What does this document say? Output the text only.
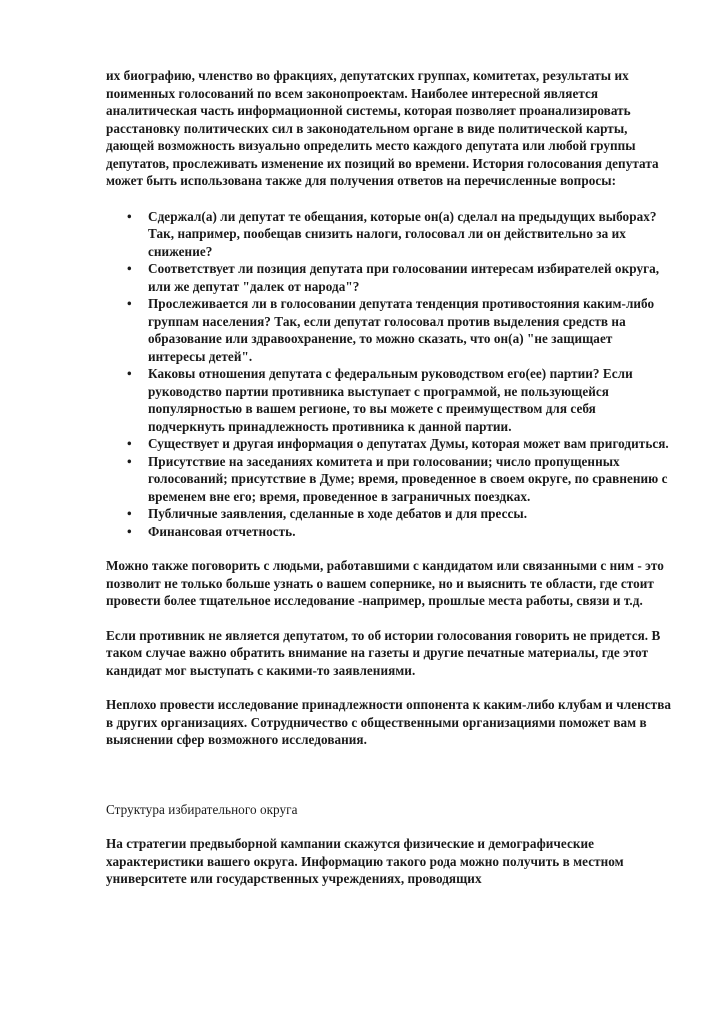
их биографию, членство во фракциях, депутатских группах, комитетах, результаты их поименных голосований по всем законопроектам. Наиболее интересной является аналитическая часть информационной системы, которая позволяет проанализировать расстановку политических сил в законодательном органе в виде политической карты, дающей возможность визуально определить место каждого депутата или любой группы депутатов, прослеживать изменение их позиций во времени. История голосования депутата может быть использована также для получения ответов на перечисленные вопросы:

• Сдержал(а) ли депутат те обещания, которые он(а) сделал на предыдущих выборах? Так, например, пообещав снизить налоги, голосовал ли он действительно за их снижение?
• Соответствует ли позиция депутата при голосовании интересам избирателей округа, или же депутат "далек от народа"?
• Прослеживается ли в голосовании депутата тенденция противостояния каким-либо группам населения? Так, если депутат голосовал против выделения средств на образование или здравоохранение, то можно сказать, что он(а) "не защищает интересы детей".
• Каковы отношения депутата с федеральным руководством его(ее) партии? Если руководство партии противника выступает с программой, не пользующейся популярностью в вашем регионе, то вы можете с преимуществом для себя подчеркнуть принадлежность противника к данной партии.
• Существует и другая информация о депутатах Думы, которая может вам пригодиться.
• Присутствие на заседаниях комитета и при голосовании; число пропущенных голосований; присутствие в Думе; время, проведенное в своем округе, по сравнению с временем вне его; время, проведенное в заграничных поездках.
• Публичные заявления, сделанные в ходе дебатов и для прессы.
• Финансовая отчетность.

Можно также поговорить с людьми, работавшими с кандидатом или связанными с ним - это позволит не только больше узнать о вашем сопернике, но и выяснить те области, где стоит провести более тщательное исследование -например, прошлые места работы, связи и т.д.

Если противник не является депутатом, то об истории голосования говорить не придется. В таком случае важно обратить внимание на газеты и другие печатные материалы, где этот кандидат мог выступать с какими-то заявлениями.

Неплохо провести исследование принадлежности оппонента к каким-либо клубам и членства в других организациях. Сотрудничество с общественными организациями поможет вам в выяснении сфер возможного исследования.

Структура избирательного округа

На стратегии предвыборной кампании скажутся физические и демографические характеристики вашего округа. Информацию такого рода можно получить в местном университете или государственных учреждениях, проводящих
